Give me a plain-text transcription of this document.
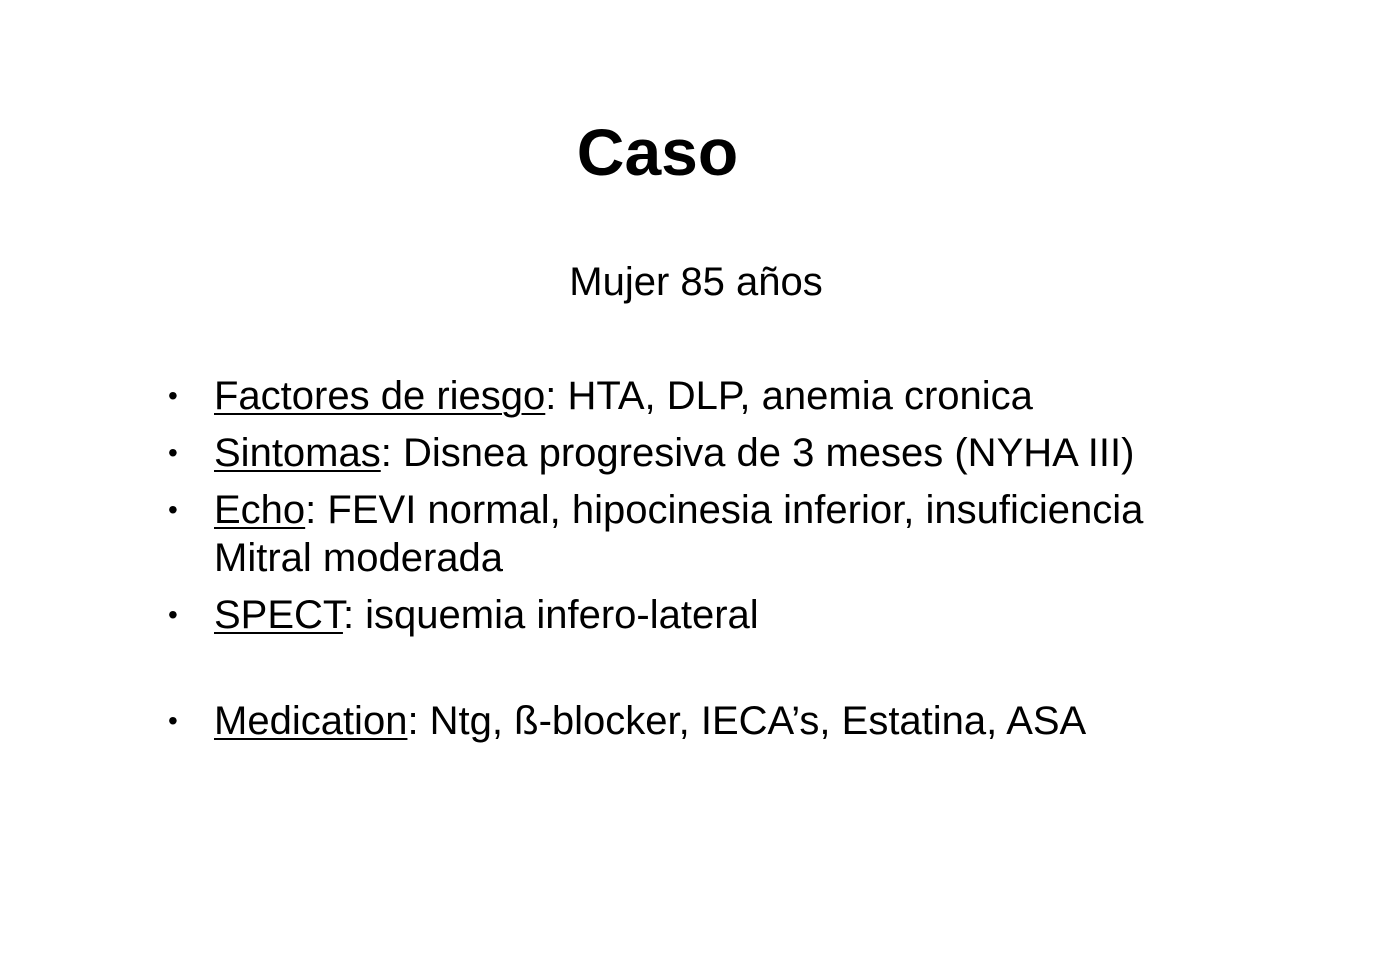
Caso
Mujer 85 años
• Factores de riesgo: HTA, DLP, anemia cronica
• Sintomas: Disnea progresiva de 3 meses (NYHA III)
• Echo: FEVI normal, hipocinesia inferior, insuficiencia Mitral moderada
• SPECT: isquemia infero-lateral
• Medication: Ntg, ß-blocker, IECA’s, Estatina, ASA
